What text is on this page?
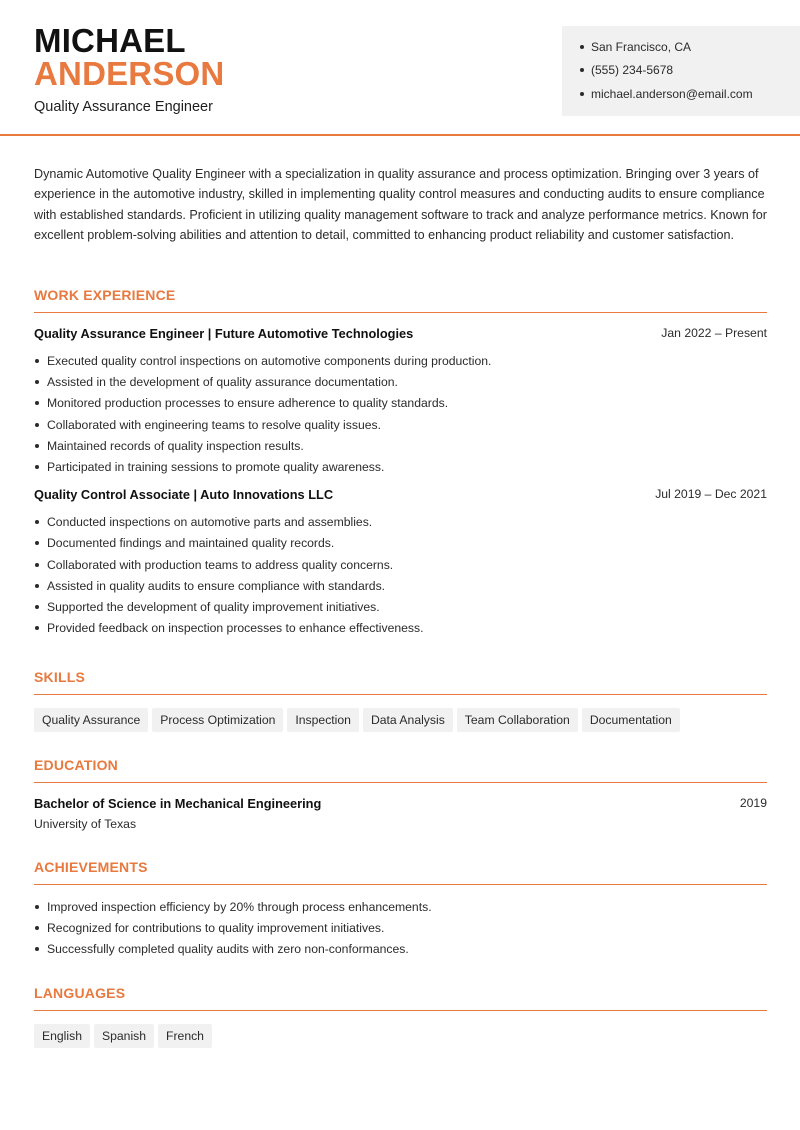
MICHAEL
ANDERSON
Quality Assurance Engineer
San Francisco, CA
(555) 234-5678
michael.anderson@email.com

Dynamic Automotive Quality Engineer with a specialization in quality assurance and process optimization. Bringing over 3 years of experience in the automotive industry, skilled in implementing quality control measures and conducting audits to ensure compliance with established standards. Proficient in utilizing quality management software to track and analyze performance metrics. Known for excellent problem-solving abilities and attention to detail, committed to enhancing product reliability and customer satisfaction.

WORK EXPERIENCE
Quality Assurance Engineer | Future Automotive Technologies	Jan 2022 – Present
Executed quality control inspections on automotive components during production.
Assisted in the development of quality assurance documentation.
Monitored production processes to ensure adherence to quality standards.
Collaborated with engineering teams to resolve quality issues.
Maintained records of quality inspection results.
Participated in training sessions to promote quality awareness.
Quality Control Associate | Auto Innovations LLC	Jul 2019 – Dec 2021
Conducted inspections on automotive parts and assemblies.
Documented findings and maintained quality records.
Collaborated with production teams to address quality concerns.
Assisted in quality audits to ensure compliance with standards.
Supported the development of quality improvement initiatives.
Provided feedback on inspection processes to enhance effectiveness.
SKILLS
Quality Assurance Process Optimization Inspection Data Analysis Team Collaboration Documentation
EDUCATION
Bachelor of Science in Mechanical Engineering	2019
University of Texas
ACHIEVEMENTS
Improved inspection efficiency by 20% through process enhancements.
Recognized for contributions to quality improvement initiatives.
Successfully completed quality audits with zero non-conformances.
LANGUAGES
English Spanish French
